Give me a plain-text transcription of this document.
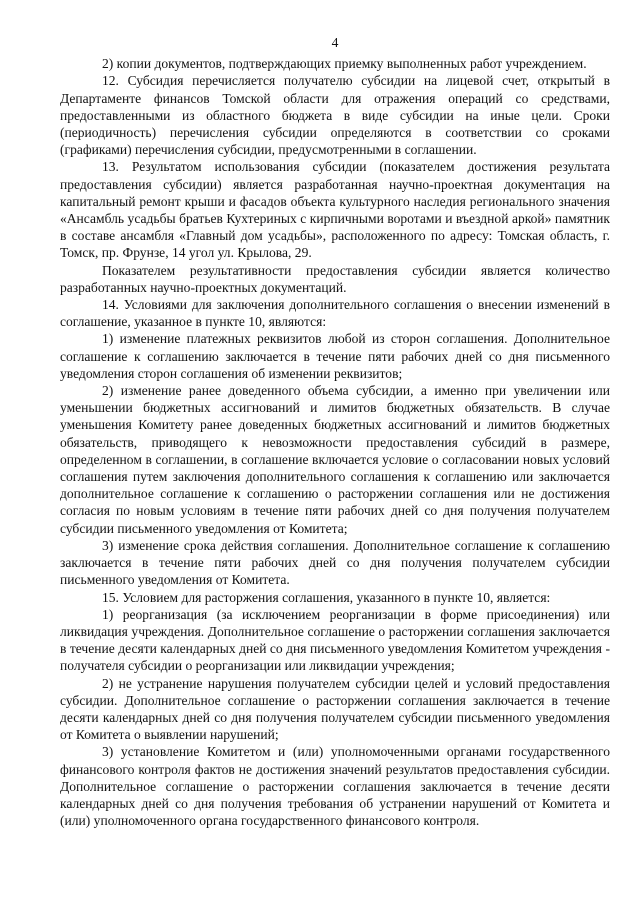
4

2) копии документов, подтверждающих приемку выполненных работ учреждением.

12. Субсидия перечисляется получателю субсидии на лицевой счет, открытый в Департаменте финансов Томской области для отражения операций со средствами, предоставленными из областного бюджета в виде субсидии на иные цели. Сроки (периодичность) перечисления субсидии определяются в соответствии со сроками (графиками) перечисления субсидии, предусмотренными в соглашении.

13. Результатом использования субсидии (показателем достижения результата предоставления субсидии) является разработанная научно-проектная документация на капитальный ремонт крыши и фасадов объекта культурного наследия регионального значения «Ансамбль усадьбы братьев Кухтериных с кирпичными воротами и въездной аркой» памятник в составе ансамбля «Главный дом усадьбы», расположенного по адресу: Томская область, г. Томск, пр. Фрунзе, 14 угол ул. Крылова, 29.

Показателем результативности предоставления субсидии является количество разработанных научно-проектных документаций.

14. Условиями для заключения дополнительного соглашения о внесении изменений в соглашение, указанное в пункте 10, являются:

1) изменение платежных реквизитов любой из сторон соглашения. Дополнительное соглашение к соглашению заключается в течение пяти рабочих дней со дня письменного уведомления сторон соглашения об изменении реквизитов;

2) изменение ранее доведенного объема субсидии, а именно при увеличении или уменьшении бюджетных ассигнований и лимитов бюджетных обязательств. В случае уменьшения Комитету ранее доведенных бюджетных ассигнований и лимитов бюджетных обязательств, приводящего к невозможности предоставления субсидий в размере, определенном в соглашении, в соглашение включается условие о согласовании новых условий соглашения путем заключения дополнительного соглашения к соглашению или заключается дополнительное соглашение к соглашению о расторжении соглашения или не достижения согласия по новым условиям в течение пяти рабочих дней со дня получения получателем субсидии письменного уведомления от Комитета;

3) изменение срока действия соглашения. Дополнительное соглашение к соглашению заключается в течение пяти рабочих дней со дня получения получателем субсидии письменного уведомления от Комитета.

15. Условием для расторжения соглашения, указанного в пункте 10, является:

1) реорганизация (за исключением реорганизации в форме присоединения) или ликвидация учреждения. Дополнительное соглашение о расторжении соглашения заключается в течение десяти календарных дней со дня письменного уведомления Комитетом учреждения - получателя субсидии о реорганизации или ликвидации учреждения;

2) не устранение нарушения получателем субсидии целей и условий предоставления субсидии. Дополнительное соглашение о расторжении соглашения заключается в течение десяти календарных дней со дня получения получателем субсидии письменного уведомления от Комитета о выявлении нарушений;

3) установление Комитетом и (или) уполномоченными органами государственного финансового контроля фактов не достижения значений результатов предоставления субсидии. Дополнительное соглашение о расторжении соглашения заключается в течение десяти календарных дней со дня получения требования об устранении нарушений от Комитета и (или) уполномоченного органа государственного финансового контроля.
